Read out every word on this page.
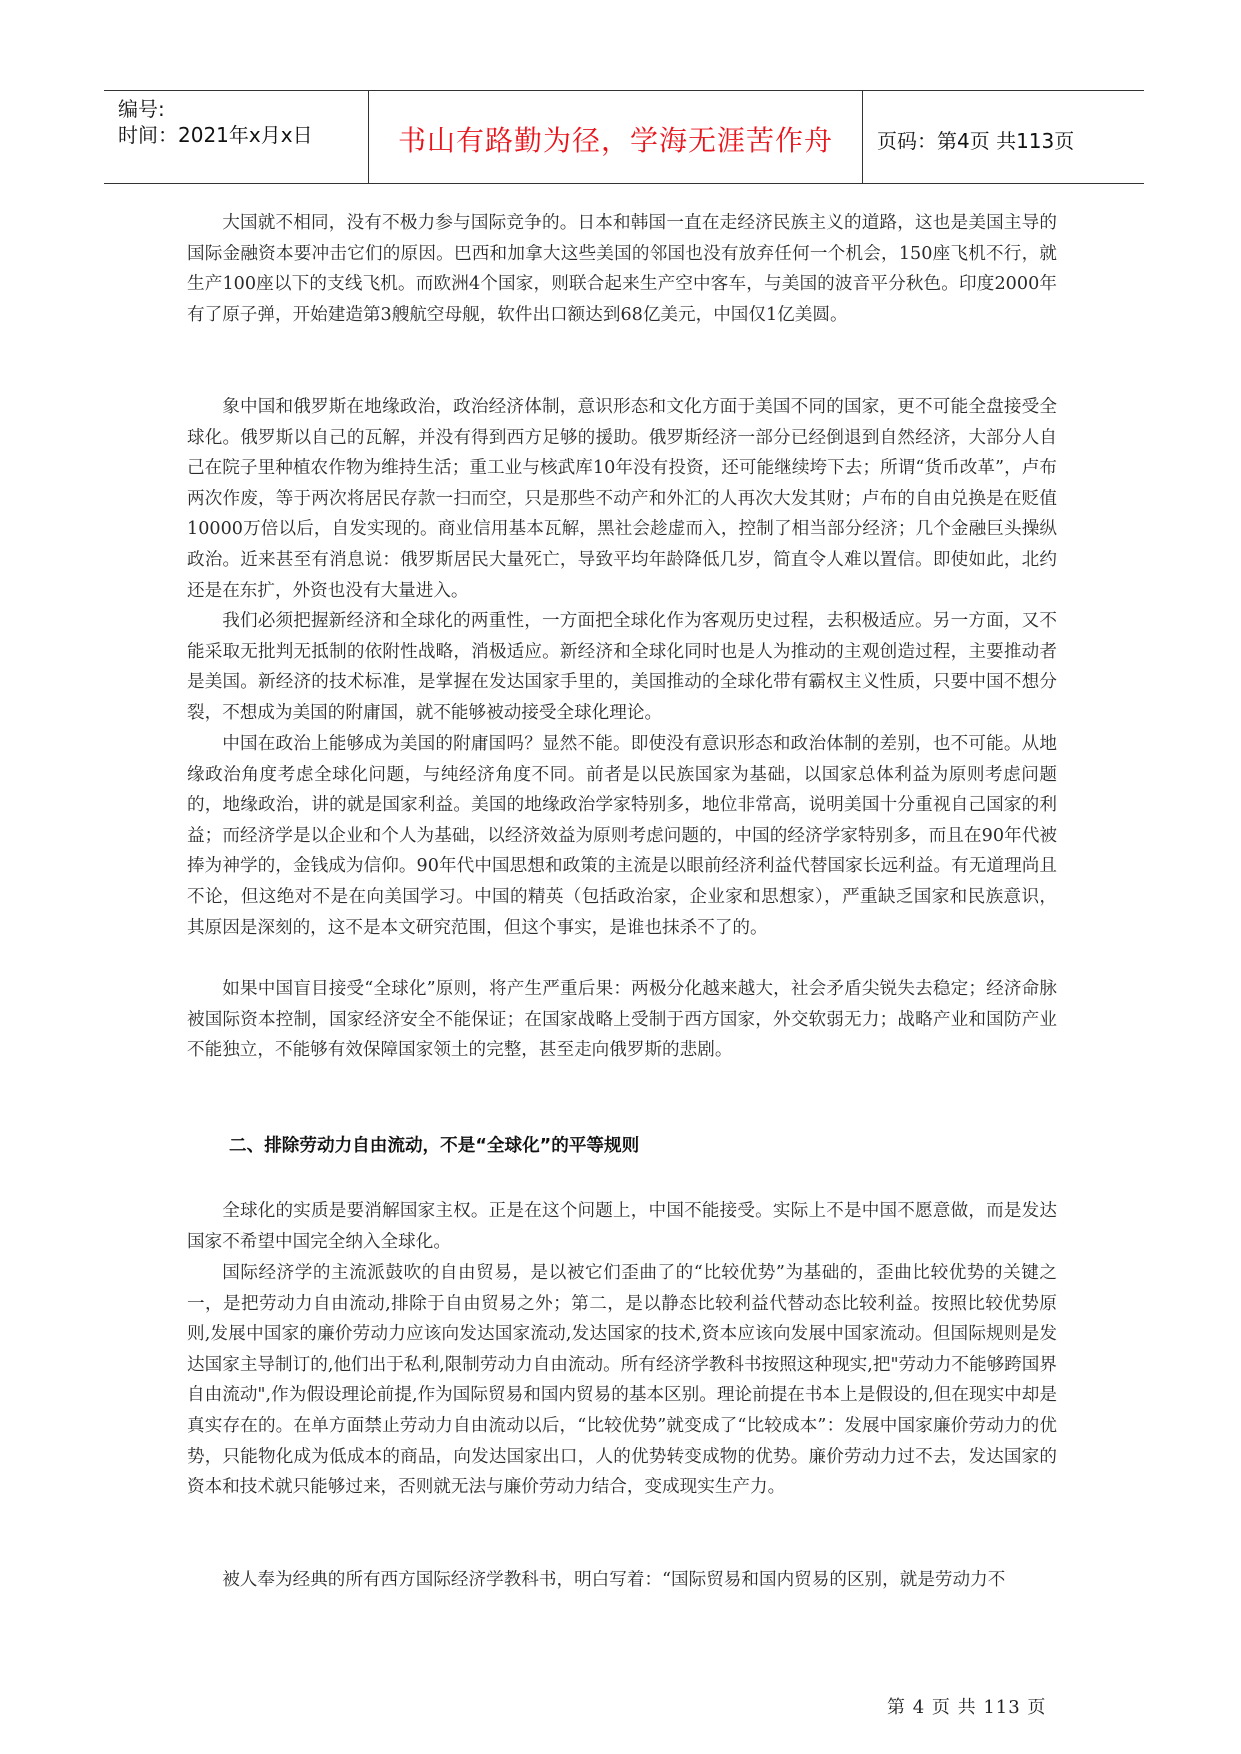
编号:
时间：2021年x月x日	书山有路勤为径，学海无涯苦作舟	页码：第4页 共113页

大国就不相同，没有不极力参与国际竞争的。日本和韩国一直在走经济民族主义的道路，这也是美国主导的国际金融资本要冲击它们的原因。巴西和加拿大这些美国的邻国也没有放弃任何一个机会，150座飞机不行，就生产100座以下的支线飞机。而欧洲4个国家，则联合起来生产空中客车，与美国的波音平分秋色。印度2000年有了原子弹，开始建造第3艘航空母舰，软件出口额达到68亿美元，中国仅1亿美圆。

象中国和俄罗斯在地缘政治，政治经济体制，意识形态和文化方面于美国不同的国家，更不可能全盘接受全球化。俄罗斯以自己的瓦解，并没有得到西方足够的援助。俄罗斯经济一部分已经倒退到自然经济，大部分人自己在院子里种植农作物为维持生活；重工业与核武库10年没有投资，还可能继续垮下去；所谓“货币改革”，卢布两次作废，等于两次将居民存款一扫而空，只是那些不动产和外汇的人再次大发其财；卢布的自由兑换是在贬值10000万倍以后，自发实现的。商业信用基本瓦解，黑社会趁虚而入，控制了相当部分经济；几个金融巨头操纵政治。近来甚至有消息说：俄罗斯居民大量死亡，导致平均年龄降低几岁，简直令人难以置信。即使如此，北约还是在东扩，外资也没有大量进入。

我们必须把握新经济和全球化的两重性，一方面把全球化作为客观历史过程，去积极适应。另一方面，又不能采取无批判无抵制的依附性战略，消极适应。新经济和全球化同时也是人为推动的主观创造过程，主要推动者是美国。新经济的技术标准，是掌握在发达国家手里的，美国推动的全球化带有霸权主义性质，只要中国不想分裂，不想成为美国的附庸国，就不能够被动接受全球化理论。

中国在政治上能够成为美国的附庸国吗？显然不能。即使没有意识形态和政治体制的差别，也不可能。从地缘政治角度考虑全球化问题，与纯经济角度不同。前者是以民族国家为基础，以国家总体利益为原则考虑问题的，地缘政治，讲的就是国家利益。美国的地缘政治学家特别多，地位非常高，说明美国十分重视自己国家的利益；而经济学是以企业和个人为基础，以经济效益为原则考虑问题的，中国的经济学家特别多，而且在90年代被捧为神学的，金钱成为信仰。90年代中国思想和政策的主流是以眼前经济利益代替国家长远利益。有无道理尚且不论，但这绝对不是在向美国学习。中国的精英（包括政治家，企业家和思想家），严重缺乏国家和民族意识，其原因是深刻的，这不是本文研究范围，但这个事实，是谁也抹杀不了的。

如果中国盲目接受“全球化”原则，将产生严重后果：两极分化越来越大，社会矛盾尖锐失去稳定；经济命脉被国际资本控制，国家经济安全不能保证；在国家战略上受制于西方国家，外交软弱无力；战略产业和国防产业不能独立，不能够有效保障国家领土的完整，甚至走向俄罗斯的悲剧。

二、排除劳动力自由流动，不是“全球化”的平等规则

全球化的实质是要消解国家主权。正是在这个问题上，中国不能接受。实际上不是中国不愿意做，而是发达国家不希望中国完全纳入全球化。

国际经济学的主流派鼓吹的自由贸易，是以被它们歪曲了的“比较优势”为基础的，歪曲比较优势的关键之一，是把劳动力自由流动,排除于自由贸易之外；第二，是以静态比较利益代替动态比较利益。按照比较优势原则,发展中国家的廉价劳动力应该向发达国家流动,发达国家的技术,资本应该向发展中国家流动。但国际规则是发达国家主导制订的,他们出于私利,限制劳动力自由流动。所有经济学教科书按照这种现实,把"劳动力不能够跨国界自由流动",作为假设理论前提,作为国际贸易和国内贸易的基本区别。理论前提在书本上是假设的,但在现实中却是真实存在的。在单方面禁止劳动力自由流动以后，“比较优势”就变成了“比较成本”：发展中国家廉价劳动力的优势，只能物化成为低成本的商品，向发达国家出口，人的优势转变成物的优势。廉价劳动力过不去，发达国家的资本和技术就只能够过来，否则就无法与廉价劳动力结合，变成现实生产力。

被人奉为经典的所有西方国际经济学教科书，明白写着：“国际贸易和国内贸易的区别，就是劳动力不

第 4 页 共 113 页
